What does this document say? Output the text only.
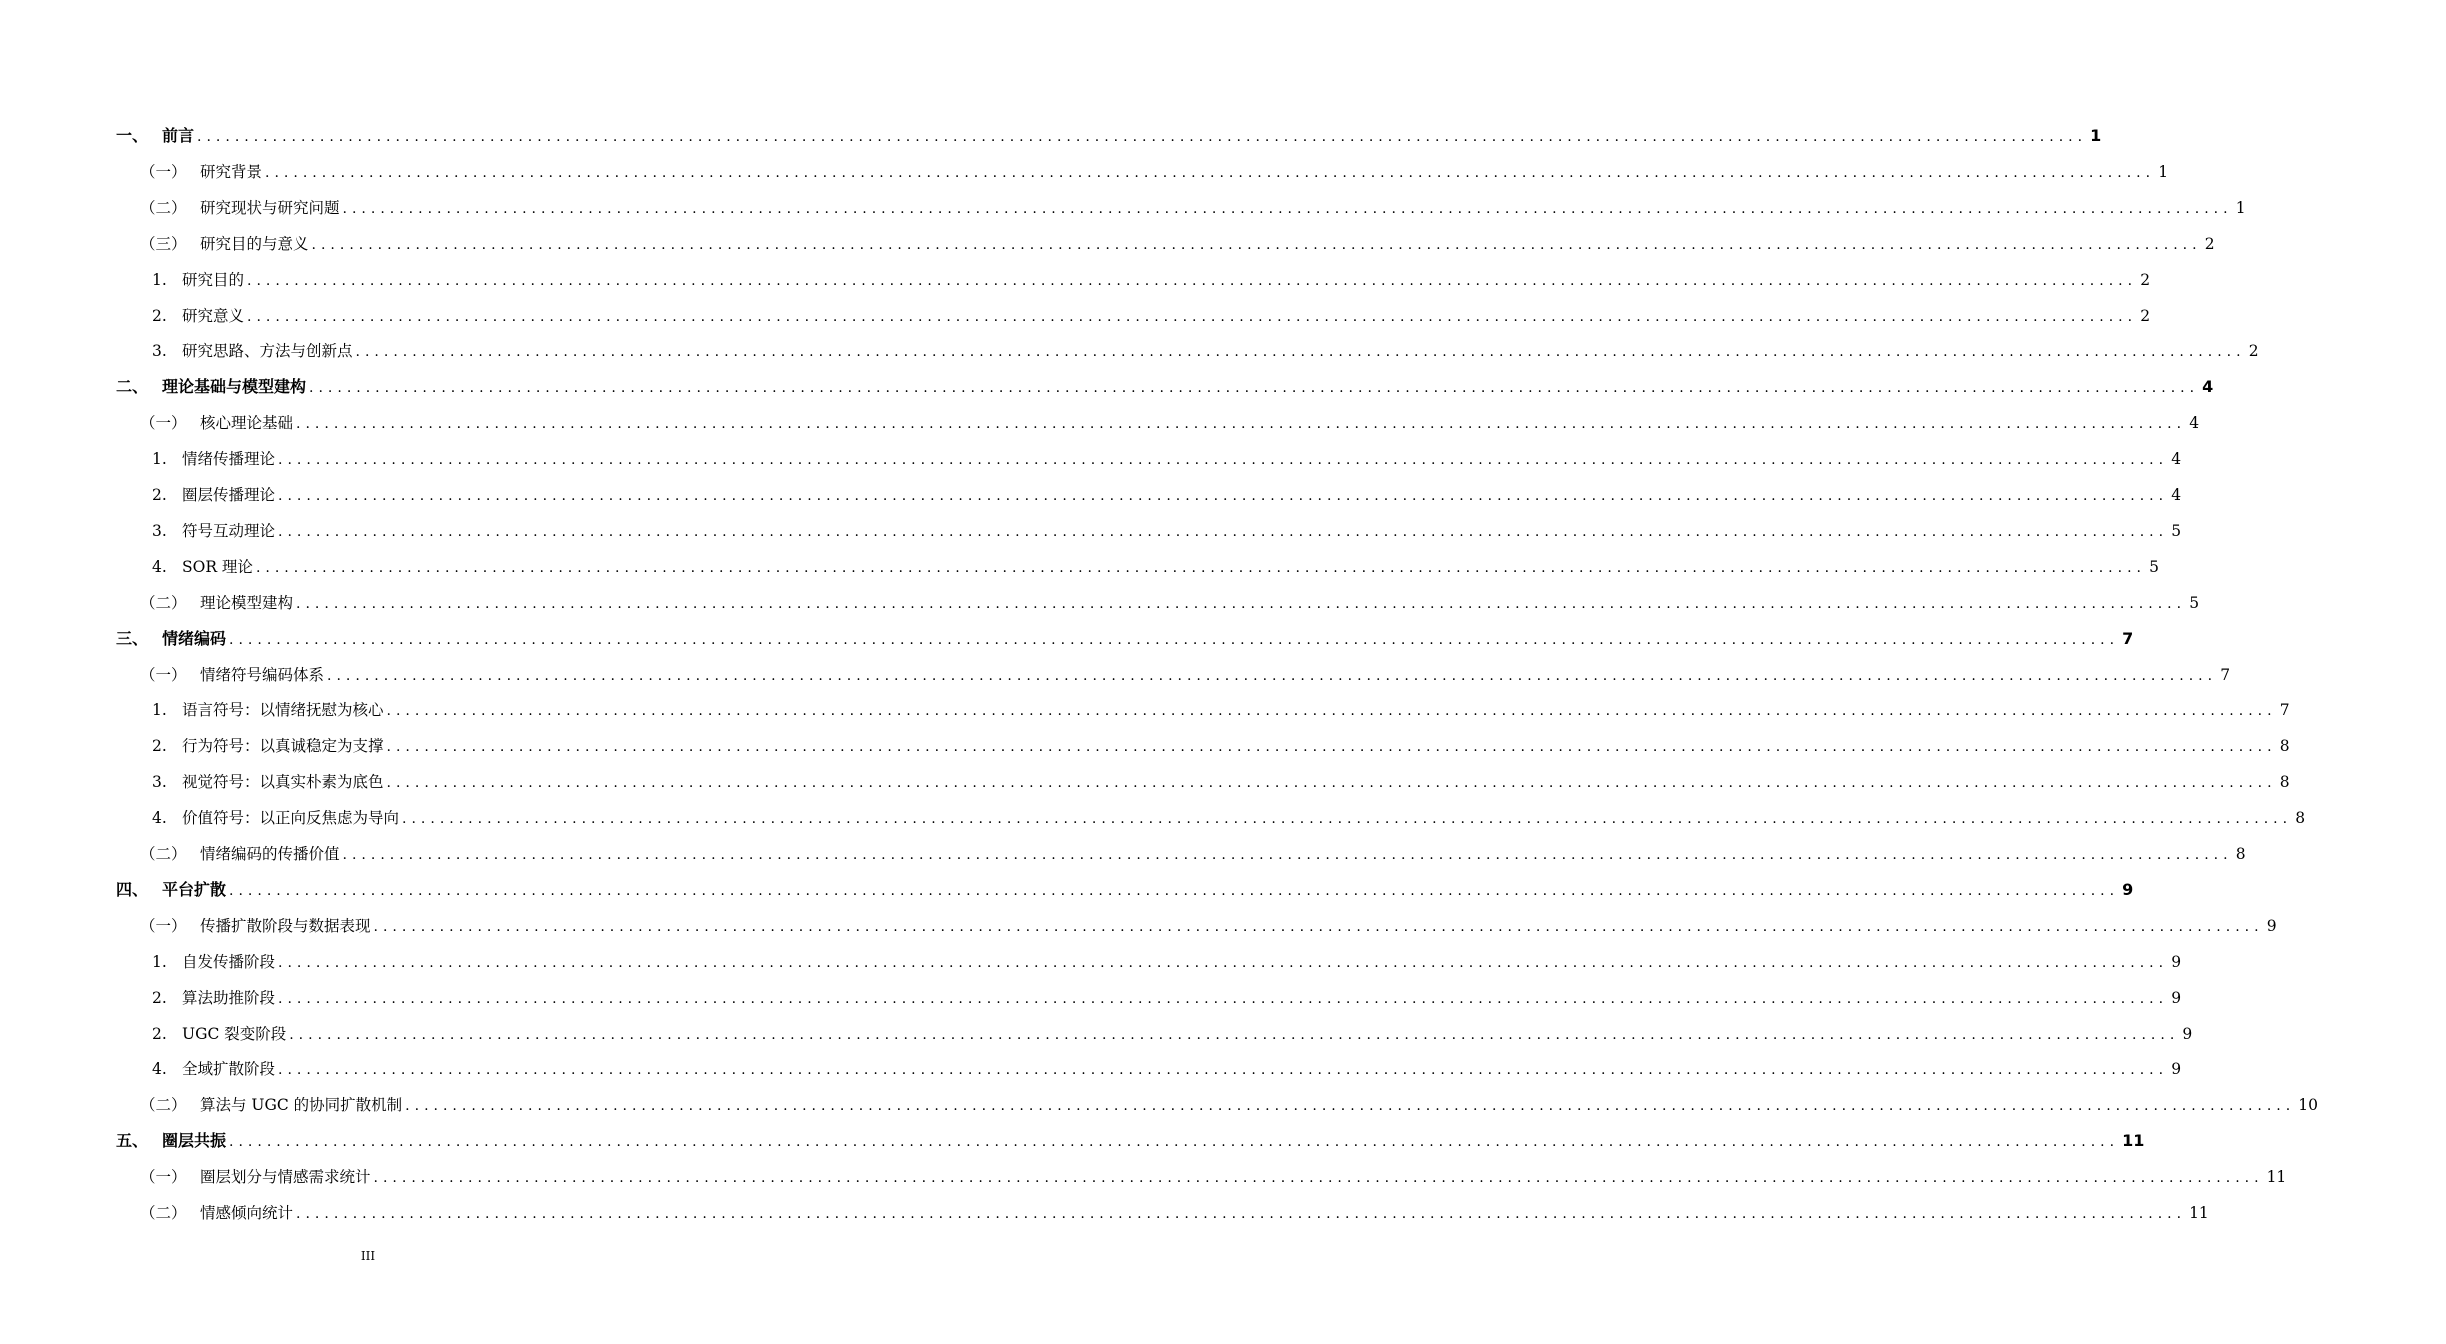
一、 前言 ........................................................................................................................................................................................................ 1
（一） 研究背景 ........................................................................................................................................................................................................ 1
（二） 研究现状与研究问题 ........................................................................................................................................................................................................ 1
（三） 研究目的与意义 ........................................................................................................................................................................................................ 2
1. 研究目的 ........................................................................................................................................................................................................ 2
2. 研究意义 ........................................................................................................................................................................................................ 2
3. 研究思路、方法与创新点 ........................................................................................................................................................................................................ 2
二、 理论基础与模型建构 ........................................................................................................................................................................................................ 4
（一） 核心理论基础 ........................................................................................................................................................................................................ 4
1. 情绪传播理论 ........................................................................................................................................................................................................ 4
2. 圈层传播理论 ........................................................................................................................................................................................................ 4
3. 符号互动理论 ........................................................................................................................................................................................................ 5
4. SOR 理论 ........................................................................................................................................................................................................ 5
（二） 理论模型建构 ........................................................................................................................................................................................................ 5
三、 情绪编码 ........................................................................................................................................................................................................ 7
（一） 情绪符号编码体系 ........................................................................................................................................................................................................ 7
1. 语言符号：以情绪抚慰为核心 ........................................................................................................................................................................................................ 7
2. 行为符号：以真诚稳定为支撑 ........................................................................................................................................................................................................ 8
3. 视觉符号：以真实朴素为底色 ........................................................................................................................................................................................................ 8
4. 价值符号：以正向反焦虑为导向 ........................................................................................................................................................................................................ 8
（二） 情绪编码的传播价值 ........................................................................................................................................................................................................ 8
四、 平台扩散 ........................................................................................................................................................................................................ 9
（一） 传播扩散阶段与数据表现 ........................................................................................................................................................................................................ 9
1. 自发传播阶段 ........................................................................................................................................................................................................ 9
2. 算法助推阶段 ........................................................................................................................................................................................................ 9
2. UGC 裂变阶段 ........................................................................................................................................................................................................ 9
4. 全域扩散阶段 ........................................................................................................................................................................................................ 9
（二） 算法与 UGC 的协同扩散机制 ........................................................................................................................................................................................................ 10
五、 圈层共振 ........................................................................................................................................................................................................ 11
（一） 圈层划分与情感需求统计 ........................................................................................................................................................................................................ 11
（二） 情感倾向统计 ........................................................................................................................................................................................................ 11
III
